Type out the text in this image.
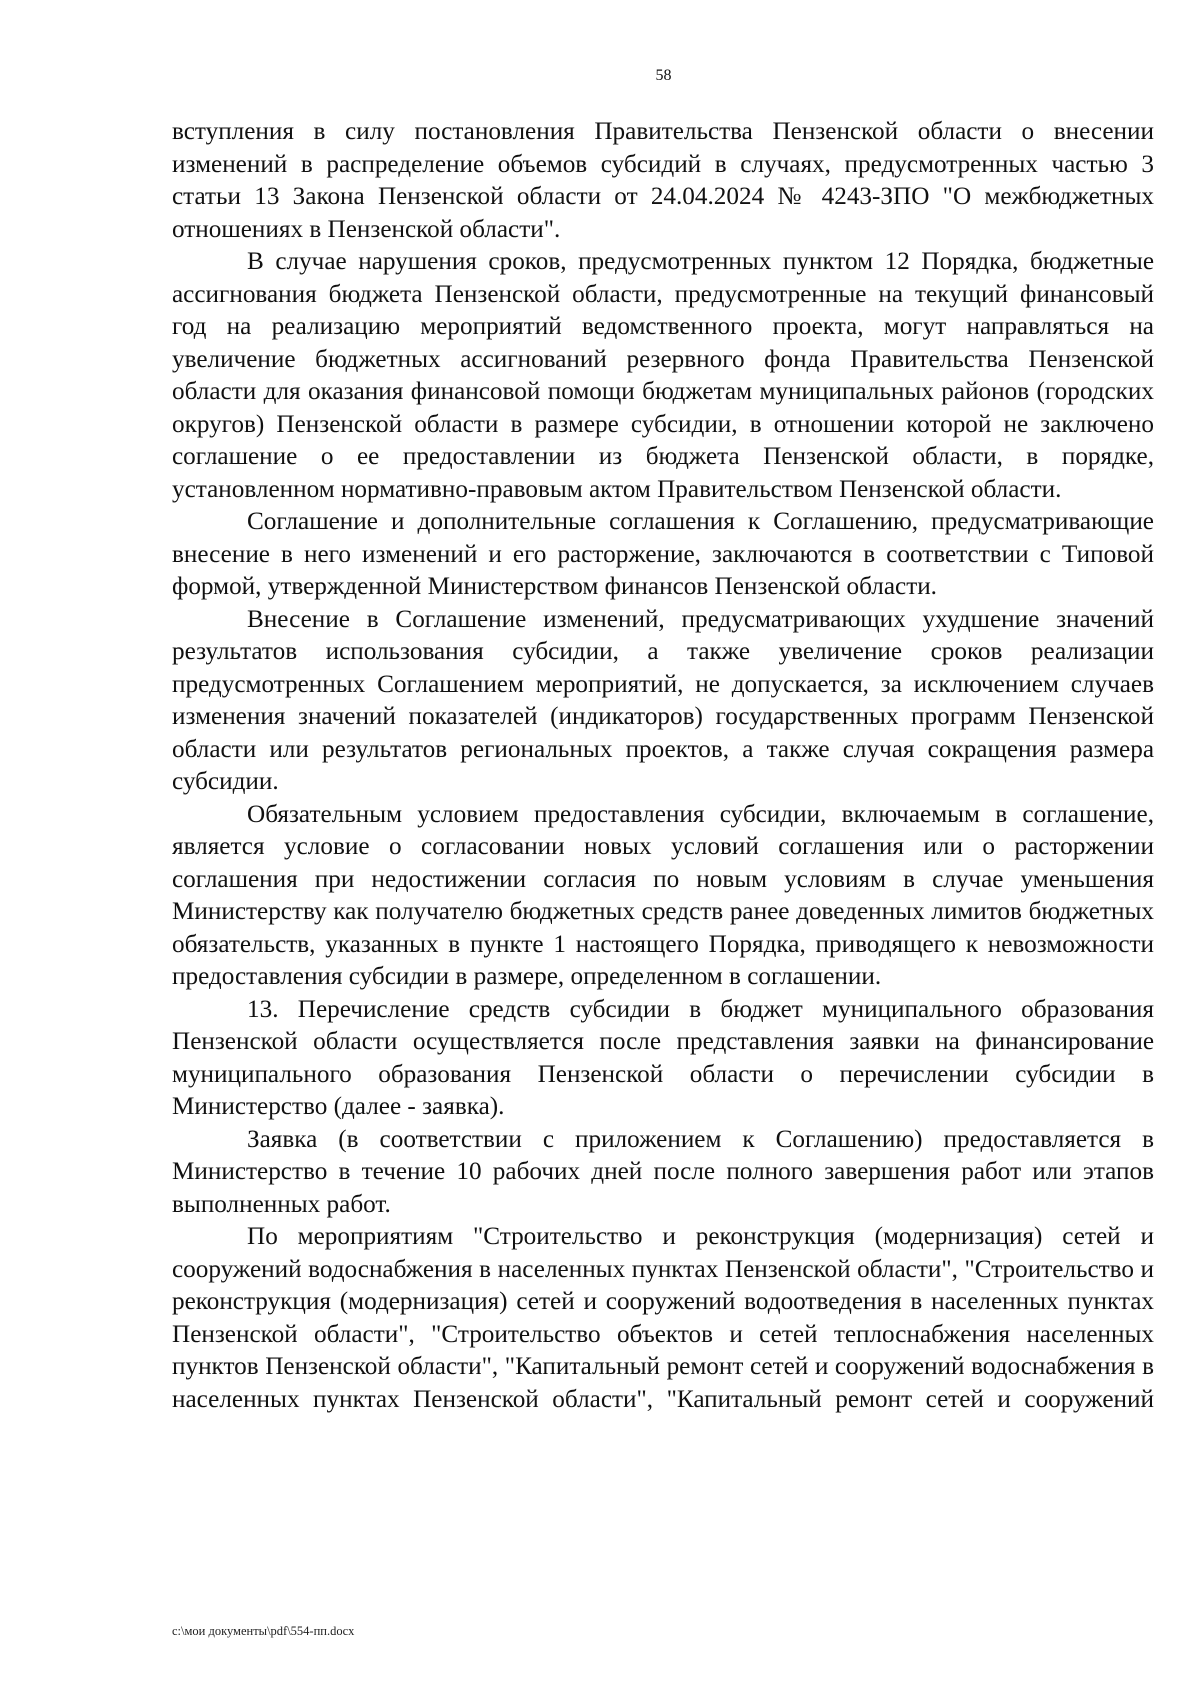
58

вступления в силу постановления Правительства Пензенской области о внесении изменений в распределение объемов субсидий в случаях, предусмотренных частью 3 статьи 13 Закона Пензенской области от 24.04.2024 № 4243-ЗПО "О межбюджетных отношениях в Пензенской области".

В случае нарушения сроков, предусмотренных пунктом 12 Порядка, бюджетные ассигнования бюджета Пензенской области, предусмотренные на текущий финансовый год на реализацию мероприятий ведомственного проекта, могут направляться на увеличение бюджетных ассигнований резервного фонда Правительства Пензенской области для оказания финансовой помощи бюджетам муниципальных районов (городских округов) Пензенской области в размере субсидии, в отношении которой не заключено соглашение о ее предоставлении из бюджета Пензенской области, в порядке, установленном нормативно-правовым актом Правительством Пензенской области.

Соглашение и дополнительные соглашения к Соглашению, предусматривающие внесение в него изменений и его расторжение, заключаются в соответствии с Типовой формой, утвержденной Министерством финансов Пензенской области.

Внесение в Соглашение изменений, предусматривающих ухудшение значений результатов использования субсидии, а также увеличение сроков реализации предусмотренных Соглашением мероприятий, не допускается, за исключением случаев изменения значений показателей (индикаторов) государственных программ Пензенской области или результатов региональных проектов, а также случая сокращения размера субсидии.

Обязательным условием предоставления субсидии, включаемым в соглашение, является условие о согласовании новых условий соглашения или о расторжении соглашения при недостижении согласия по новым условиям в случае уменьшения Министерству как получателю бюджетных средств ранее доведенных лимитов бюджетных обязательств, указанных в пункте 1 настоящего Порядка, приводящего к невозможности предоставления субсидии в размере, определенном в соглашении.

13. Перечисление средств субсидии в бюджет муниципального образования Пензенской области осуществляется после представления заявки на финансирование муниципального образования Пензенской области о перечислении субсидии в Министерство (далее - заявка).

Заявка (в соответствии с приложением к Соглашению) предоставляется в Министерство в течение 10 рабочих дней после полного завершения работ или этапов выполненных работ.

По мероприятиям "Строительство и реконструкция (модернизация) сетей и сооружений водоснабжения в населенных пунктах Пензенской области", "Строительство и реконструкция (модернизация) сетей и сооружений водоотведения в населенных пунктах Пензенской области", "Строительство объектов и сетей теплоснабжения населенных пунктов Пензенской области", "Капитальный ремонт сетей и сооружений водоснабжения в населенных пунктах Пензенской области", "Капитальный ремонт сетей и сооружений

c:\мои документы\pdf\554-пп.docx
